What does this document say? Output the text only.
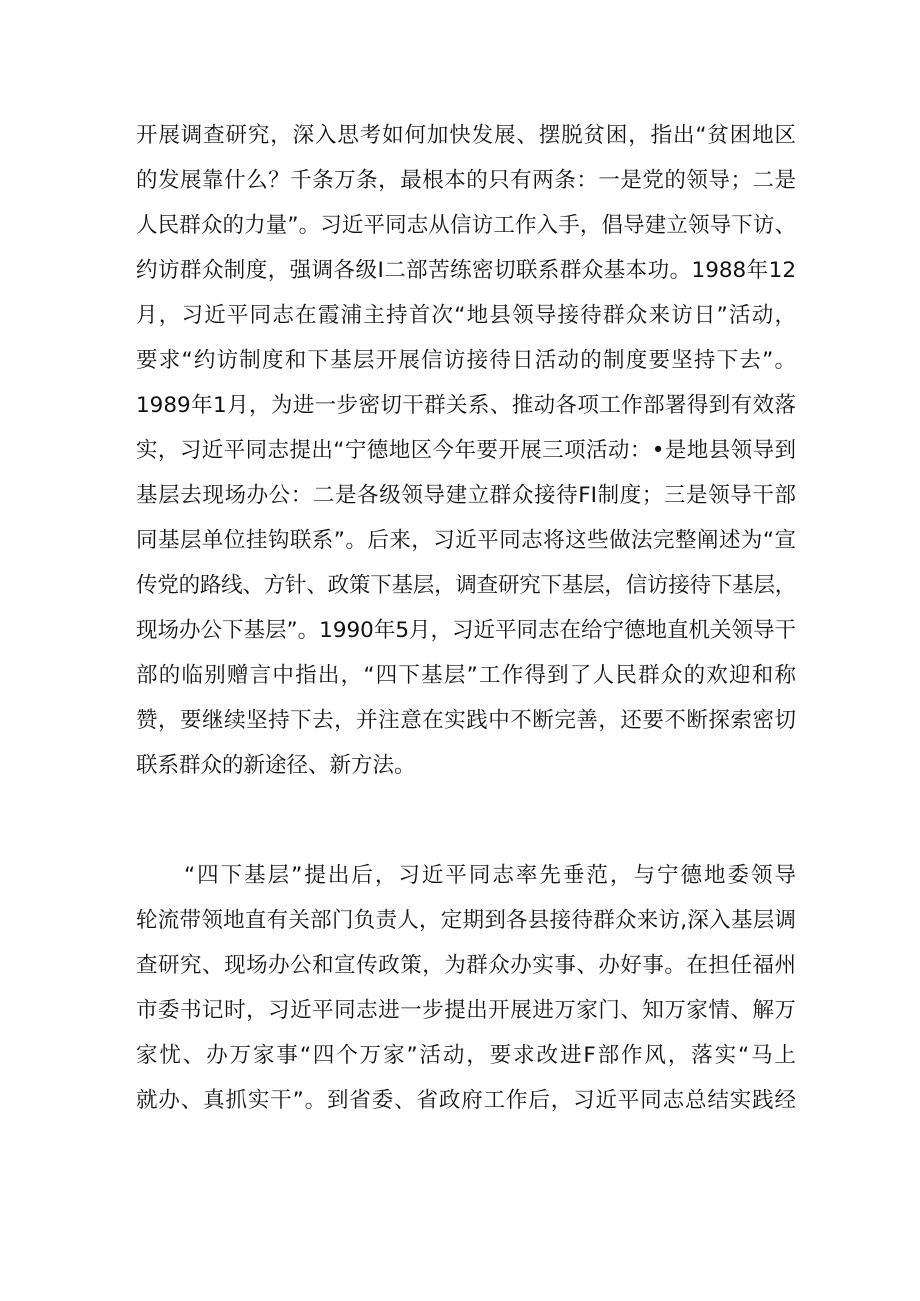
开展调查研究，深入思考如何加快发展、摆脱贫困，指出“贫困地区
的发展靠什么？千条万条，最根本的只有两条：一是党的领导；二是
人民群众的力量”。习近平同志从信访工作入手，倡导建立领导下访、
约访群众制度，强调各级I二部苦练密切联系群众基本功。1988年12
月，习近平同志在霞浦主持首次“地县领导接待群众来访日”活动，
要求“约访制度和下基层开展信访接待日活动的制度要坚持下去”。
1989年1月，为进一步密切干群关系、推动各项工作部署得到有效落
实，习近平同志提出“宁德地区今年要开展三项活动：•是地县领导到
基层去现场办公：二是各级领导建立群众接待FI制度；三是领导干部
同基层单位挂钩联系”。后来，习近平同志将这些做法完整阐述为“宣
传党的路线、方针、政策下基层，调查研究下基层，信访接待下基层，
现场办公下基层”。1990年5月，习近平同志在给宁德地直机关领导干
部的临别赠言中指出，“四下基层”工作得到了人民群众的欢迎和称
赞，要继续坚持下去，并注意在实践中不断完善，还要不断探索密切
联系群众的新途径、新方法。
“四下基层”提出后，习近平同志率先垂范，与宁德地委领导
轮流带领地直有关部门负责人，定期到各县接待群众来访,深入基层调
查研究、现场办公和宣传政策，为群众办实事、办好事。在担任福州
市委书记时，习近平同志进一步提出开展进万家门、知万家情、解万
家忧、办万家事“四个万家”活动，要求改进F部作风，落实“马上
就办、真抓实干”。到省委、省政府工作后，习近平同志总结实践经
